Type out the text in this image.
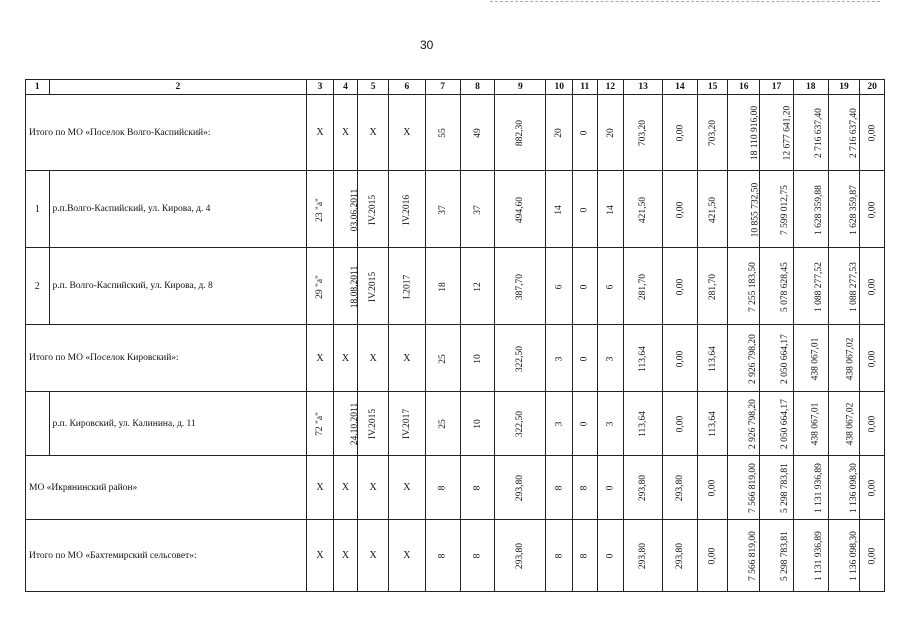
30
1	2	3	4	5	6	7	8	9	10	11	12	13	14	15	16	17	18	19	20
Итого по МО «Поселок Волго-Каспийский»:		Х	Х	Х	Х	55	49	882,30	20	0	20	703,20	0,00	703,20	18 110 916,00	12 677 641,20	2 716 637,40	2 716 637,40	0,00
1	р.п.Волго-Каспийский, ул. Кирова, д. 4	23 "а"	03.06.2011	IV.2015	IV.2016	37	37	494,60	14	0	14	421,50	0,00	421,50	10 855 732,50	7 599 012,75	1 628 359,88	1 628 359,87	0,00
2	р.п. Волго-Каспийский, ул. Кирова, д. 8	29 "а"	18.08.2011	IV.2015	I.2017	18	12	387,70	6	0	6	281,70	0,00	281,70	7 255 183,50	5 078 628,45	1 088 277,52	1 088 277,53	0,00
Итого по МО «Поселок Кировский»:		Х	Х	Х	Х	25	10	322,50	3	0	3	113,64	0,00	113,64	2 926 798,20	2 050 664,17	438 067,01	438 067,02	0,00
	р.п. Кировский, ул. Калинина, д. 11	72 "а"	24.10.2011	IV.2015	IV.2017	25	10	322,50	3	0	3	113,64	0,00	113,64	2 926 798,20	2 050 664,17	438 067,01	438 067,02	0,00
МО «Икрянинский район»		Х	Х	Х	Х	8	8	293,80	8	8	0	293,80	293,80	0,00	7 566 819,00	5 298 783,81	1 131 936,89	1 136 098,30	0,00
Итого по МО «Бахтемирский сельсовет»:		Х	Х	Х	Х	8	8	293,80	8	8	0	293,80	293,80	0,00	7 566 819,00	5 298 783,81	1 131 936,89	1 136 098,30	0,00
